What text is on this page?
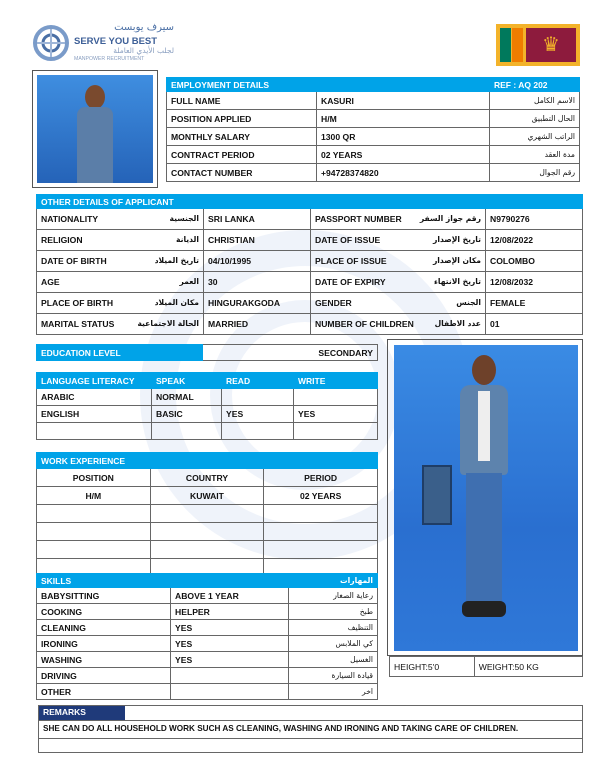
سيرف يوبست
SERVE YOU BEST
لجلب الأيدي العاملة
MANPOWER RECRUITMENT
♛
EMPLOYMENT DETAILS		REF : AQ 202
FULL NAME	KASURI	الاسم الكامل
POSITION APPLIED	H/M	الحال التطبيق
MONTHLY SALARY	1300 QR	الراتب الشهري
CONTRACT PERIOD	02 YEARS	مدة العقد
CONTACT NUMBER	+94728374820	رقم الجوال
OTHER DETAILS OF APPLICANT			
NATIONALITY الجنسية	SRI LANKA	PASSPORT NUMBER رقم جواز السفر	N9790276
RELIGION الديانة	CHRISTIAN	DATE OF ISSUE تاريخ الإصدار	12/08/2022
DATE OF BIRTH تاريخ الميلاد	04/10/1995	PLACE OF ISSUE مكان الإصدار	COLOMBO
AGE العمر	30	DATE OF EXPIRY تاريخ الانتهاء	12/08/2032
PLACE OF BIRTH مكان الميلاد	HINGURAKGODA	GENDER الجنس	FEMALE
MARITAL STATUS الحالة الاجتماعية	MARRIED	NUMBER OF CHILDREN عدد الاطفال	01
EDUCATION LEVEL	SECONDARY
LANGUAGE LITERACY	SPEAK	READ	WRITE
ARABIC	NORMAL		
ENGLISH	BASIC	YES	YES

WORK EXPERIENCE		
POSITION	COUNTRY	PERIOD
H/M	KUWAIT	02 YEARS

SKILLS		المهارات
BABYSITTING	ABOVE 1 YEAR	رعاية الصغار
COOKING	HELPER	طبخ
CLEANING	YES	التنظيف
IRONING	YES	كي الملابس
WASHING	YES	الغسيل
DRIVING		قيادة السيارة
OTHER		اخر
HEIGHT:5'0	WEIGHT:50 KG
REMARKS
SHE CAN DO ALL HOUSEHOLD WORK SUCH AS CLEANING, WASHING AND IRONING AND TAKING CARE OF CHILDREN.
